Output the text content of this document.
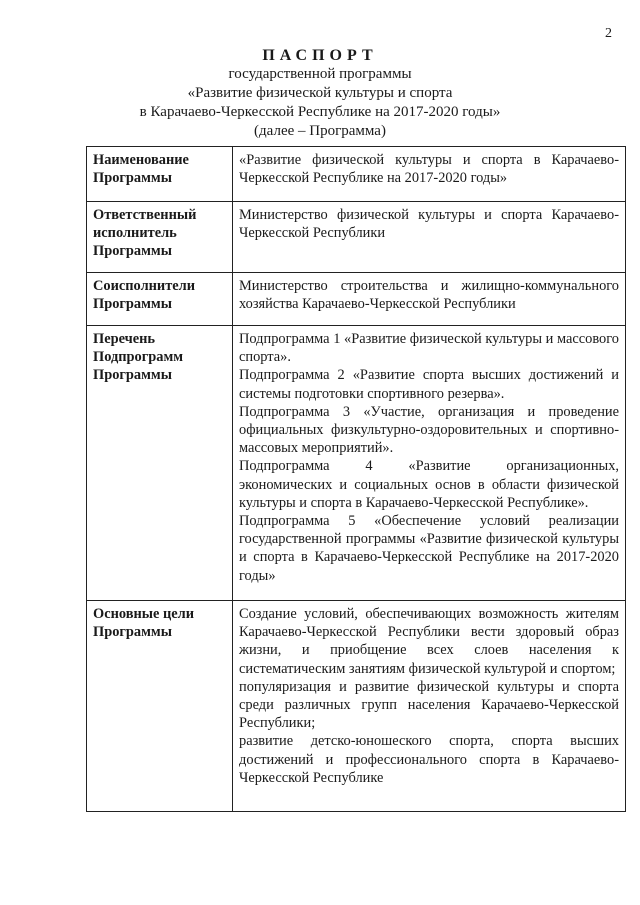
2
ПАСПОРТ
государственной программы
«Развитие физической культуры и спорта
в Карачаево-Черкесской Республике на 2017-2020 годы»
(далее – Программа)
Наименование Программы	«Развитие физической культуры и спорта в Карачаево-Черкесской Республике на 2017-2020 годы»

Ответственный исполнитель Программы	Министерство физической культуры и спорта Карачаево-Черкесской Республики

Соисполнители Программы	Министерство строительства и жилищно-коммунального хозяйства Карачаево-Черкесской Республики

Перечень Подпрограмм Программы	Подпрограмма 1 «Развитие физической культуры и массового спорта».

Подпрограмма 2 «Развитие спорта высших достижений и системы подготовки спортивного резерва».

Подпрограмма 3 «Участие, организация и проведение официальных физкультурно-оздоровительных и спортивно-массовых мероприятий».

Подпрограмма 4 «Развитие организационных, экономических и социальных основ в области физической культуры и спорта в Карачаево-Черкесской Республике».

Подпрограмма 5 «Обеспечение условий реализации государственной программы «Развитие физической культуры и спорта в Карачаево-Черкесской Республике на 2017-2020 годы»

Основные цели Программы	Создание условий, обеспечивающих возможность жителям Карачаево-Черкесской Республики вести здоровый образ жизни, и приобщение всех слоев населения к систематическим занятиям физической культурой и спортом;

популяризация и развитие физической культуры и спорта среди различных групп населения Карачаево-Черкесской Республики;

развитие детско-юношеского спорта, спорта высших достижений и профессионального спорта в Карачаево-Черкесской Республике
